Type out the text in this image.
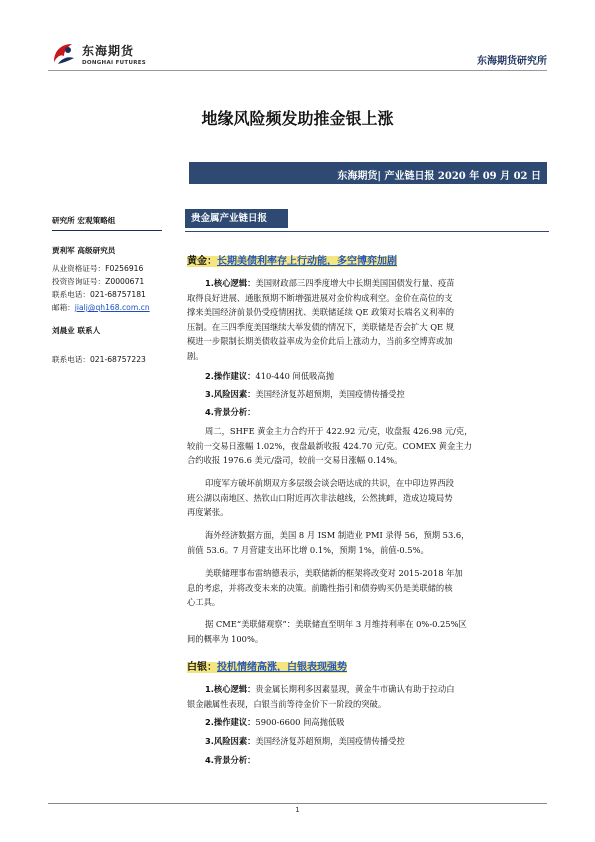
东海期货
DONGHAI FUTURES	东海期货研究所
地缘风险频发助推金银上涨
东海期货| 产业链日报 2020 年 09 月 02 日
研究所 宏观策略组
贾利军 高级研究员
从业资格证号：F0256916
投资咨询证号：Z0000671
联系电话：021-68757181
邮箱：jialj@qh168.com.cn
刘晨业 联系人
联系电话：021-68757223
贵金属产业链日报
黄金：长期美债利率存上行动能，多空博弈加剧
1.核心逻辑：美国财政部三四季度增大中长期美国国债发行量、疫苗
取得良好进展、通胀预期不断增强进展对金价构成利空。金价在高位的支
撑来美国经济前景仍受疫情困扰、美联储延续 QE 政策对长端名义利率的
压制。在三四季度美国继续大举发债的情况下，美联储是否会扩大 QE 规
模进一步限制长期美债收益率成为金价此后上涨动力，当前多空博弈或加
剧。
2.操作建议：410-440 间低吸高抛
3.风险因素：美国经济复苏超预期，美国疫情传播受控
4.背景分析：
周二，SHFE 黄金主力合约开于 422.92 元/克，收盘报 426.98 元/克，
较前一交易日涨幅 1.02%，夜盘最新收报 424.70 元/克。COMEX 黄金主力
合约收报 1976.6 美元/盎司，较前一交易日涨幅 0.14%。
印度军方破坏前期双方多层级会谈会晤达成的共识，在中印边界西段
班公湖以南地区、热钦山口附近再次非法越线，公然挑衅，造成边境局势
再度紧张。
海外经济数据方面，美国 8 月 ISM 制造业 PMI 录得 56，预期 53.6，
前值 53.6。7 月营建支出环比增 0.1%，预期 1%，前值-0.5%。
美联储理事布雷纳德表示，美联储新的框架将改变对 2015-2018 年加
息的考虑，并将改变未来的决策。前瞻性指引和债券购买仍是美联储的核
心工具。
据 CME“美联储观察”：美联储直至明年 3 月维持利率在 0%-0.25%区
间的概率为 100%。
白银：投机情绪高涨，白银表现强势
1.核心逻辑：贵金属长期利多因素显现，黄金牛市确认有助于拉动白
银金融属性表现，白银当前等待金价下一阶段的突破。
2.操作建议：5900-6600 间高抛低吸
3.风险因素：美国经济复苏超预期，美国疫情传播受控
4.背景分析：
1
